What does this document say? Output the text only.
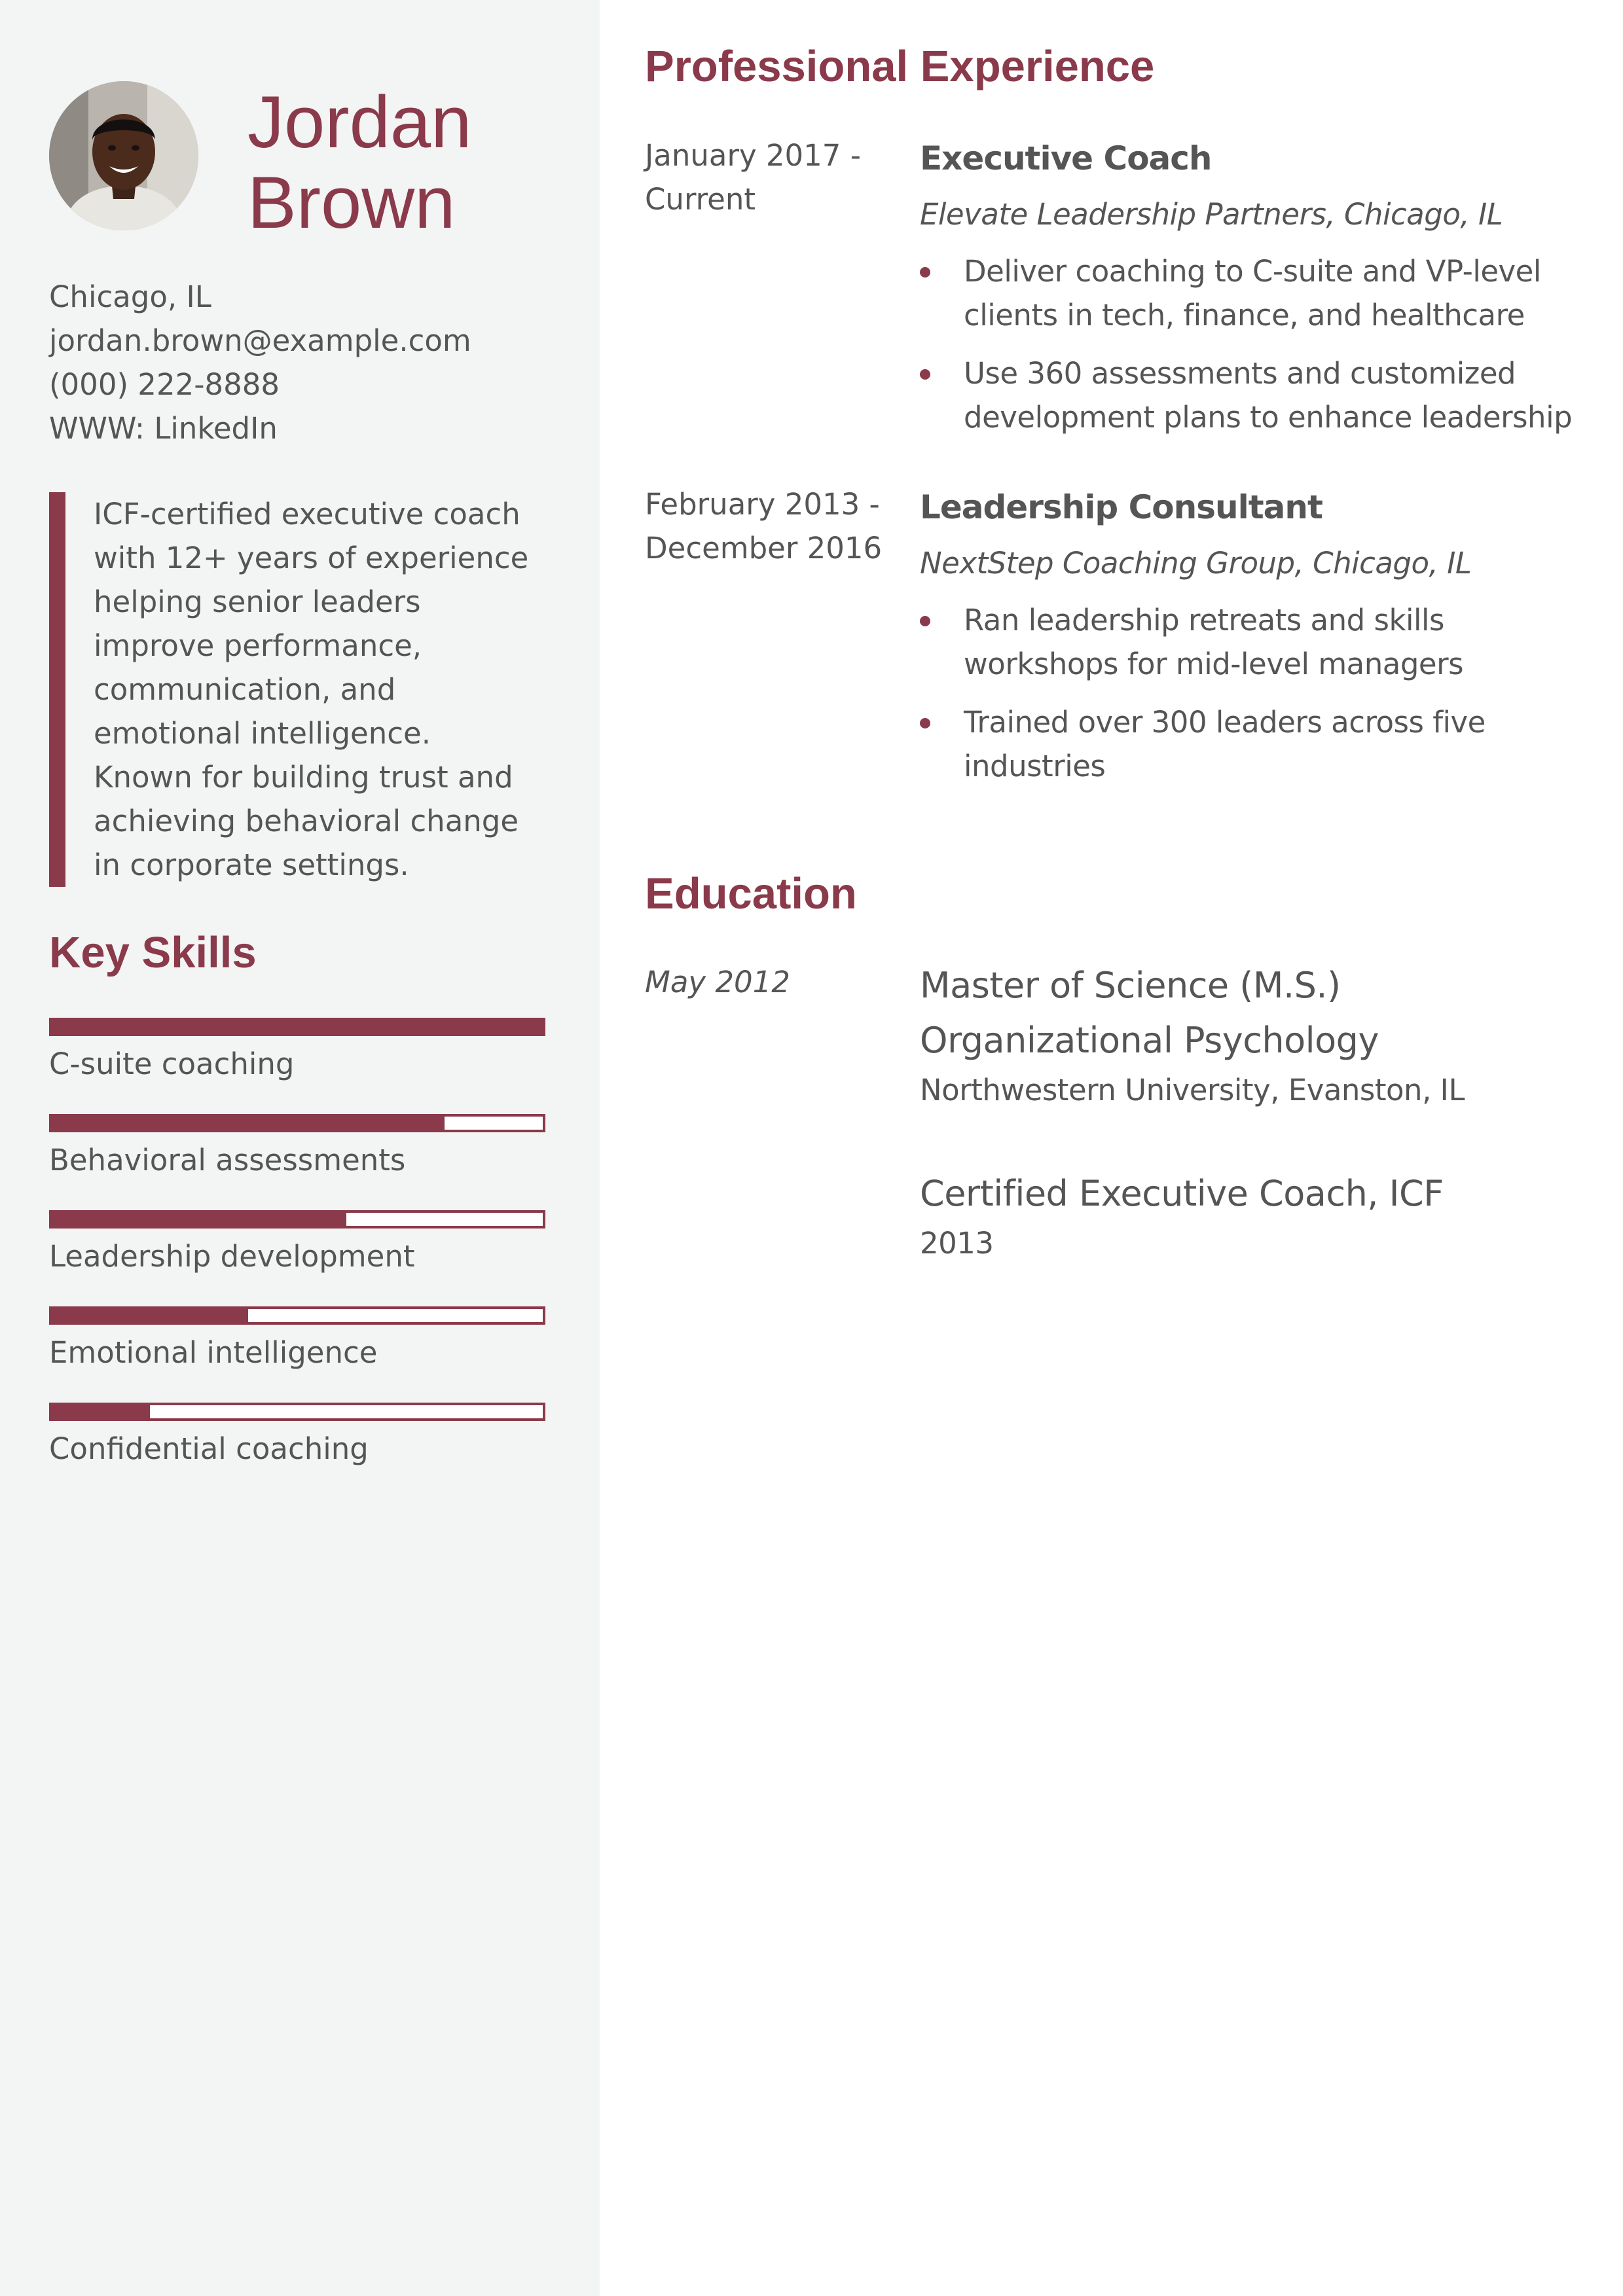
Jordan
Brown
Chicago, IL
jordan.brown@example.com
(000) 222-8888
WWW: LinkedIn
ICF-certified executive coach with 12+ years of experience helping senior leaders improve performance, communication, and emotional intelligence. Known for building trust and achieving behavioral change in corporate settings.
Key Skills
C-suite coaching
Behavioral assessments
Leadership development
Emotional intelligence
Confidential coaching
Professional Experience
January 2017 -
Current
Executive Coach
Elevate Leadership Partners, Chicago, IL
Deliver coaching to C-suite and VP-level clients in tech, finance, and healthcare
Use 360 assessments and customized development plans to enhance leadership
February 2013 -
December 2016
Leadership Consultant
NextStep Coaching Group, Chicago, IL
Ran leadership retreats and skills workshops for mid-level managers
Trained over 300 leaders across five industries
Education
May 2012	Master of Science (M.S.) Organizational Psychology
Northwestern University, Evanston, IL
Certified Executive Coach, ICF
2013
